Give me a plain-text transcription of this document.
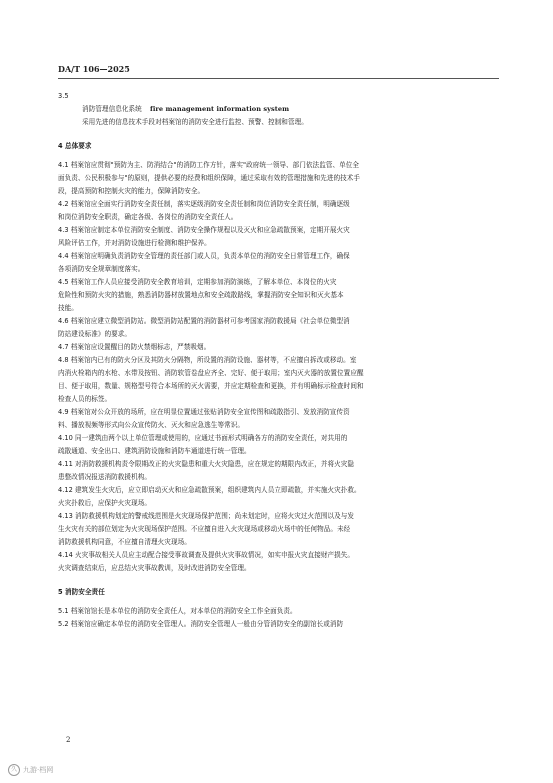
DA/T 106—2025
3.5
消防管理信息化系统 fire management information system
采用先进的信息技术手段对档案馆的消防安全进行监控、预警、控制和管理。
4 总体要求
4.1 档案馆应贯彻"预防为主、防消结合"的消防工作方针，落实"政府统一领导、部门依法监管、单位全
面负责、公民积极参与"的原则，提供必要的经费和组织保障，通过采取有效的管理措施和先进的技术手
段，提高预防和控制火灾的能力，保障消防安全。
4.2 档案馆应全面实行消防安全责任制，落实逐级消防安全责任制和岗位消防安全责任制，明确逐级
和岗位消防安全职责，确定各级、各岗位的消防安全责任人。
4.3 档案馆应制定本单位消防安全制度、消防安全操作规程以及灭火和应急疏散预案，定期开展火灾
风险评估工作，并对消防设施进行检测和维护保养。
4.4 档案馆应明确负责消防安全管理的责任部门或人员，负责本单位的消防安全日常管理工作，确保
各项消防安全规章制度落实。
4.5 档案馆工作人员应接受消防安全教育培训，定期参加消防演练，了解本单位、本岗位的火灾
危险性和预防火灾的措施，熟悉消防器材放置地点和安全疏散路线，掌握消防安全知识和灭火基本
技能。
4.6 档案馆应建立微型消防站。微型消防站配置的消防器材可参考国家消防救援局《社会单位微型消
防站建设标准》的要求。
4.7 档案馆应设置醒目的防火禁烟标志，严禁吸烟。
4.8 档案馆内已有的防火分区及其防火分隔物，所设置的消防设施、器材等，不应擅自拆改或移动。室
内消火栓箱内的水枪、水带及按钮、消防软管卷盘应齐全、完好、便于取用；室内灭火器的放置位置应醒
目、便于取用，数量、规格型号符合本场所的灭火需要，并应定期检查和更换，并有明确标示检查时间和
检查人员的标签。
4.9 档案馆对公众开放的场所，应在明显位置通过张贴消防安全宣传图和疏散指引、发放消防宣传资
料、播放视频等形式向公众宣传防火、灭火和应急逃生等常识。
4.10 同一建筑由两个以上单位管理或使用的，应通过书面形式明确各方的消防安全责任，对共用的
疏散通道、安全出口、建筑消防设施和消防车通道进行统一管理。
4.11 对消防救援机构责令限期改正的火灾隐患和重大火灾隐患，应在规定的期限内改正，并将火灾隐
患整改情况报送消防救援机构。
4.12 建筑发生火灾后，应立即启动灭火和应急疏散预案，组织建筑内人员立即疏散，并实施火灾扑救。
火灾扑救后，应保护火灾现场。
4.13 消防救援机构划定的警戒线范围是火灾现场保护范围；尚未划定时，应将火灾过火范围以及与发
生火灾有关的部位划定为火灾现场保护范围。不应擅自进入火灾现场或移动火场中的任何物品。未经
消防救援机构同意，不应擅自清理火灾现场。
4.14 火灾事故相关人员应主动配合接受事故调查及提供火灾事故情况，如实申报火灾直接财产损失。
火灾调查结束后，应总结火灾事故教训，及时改进消防安全管理。
5 消防安全责任
5.1 档案馆馆长是本单位的消防安全责任人，对本单位的消防安全工作全面负责。
5.2 档案馆应确定本单位的消防安全管理人。消防安全管理人一般由分管消防安全的副馆长或消防
2
久 九游·档网
